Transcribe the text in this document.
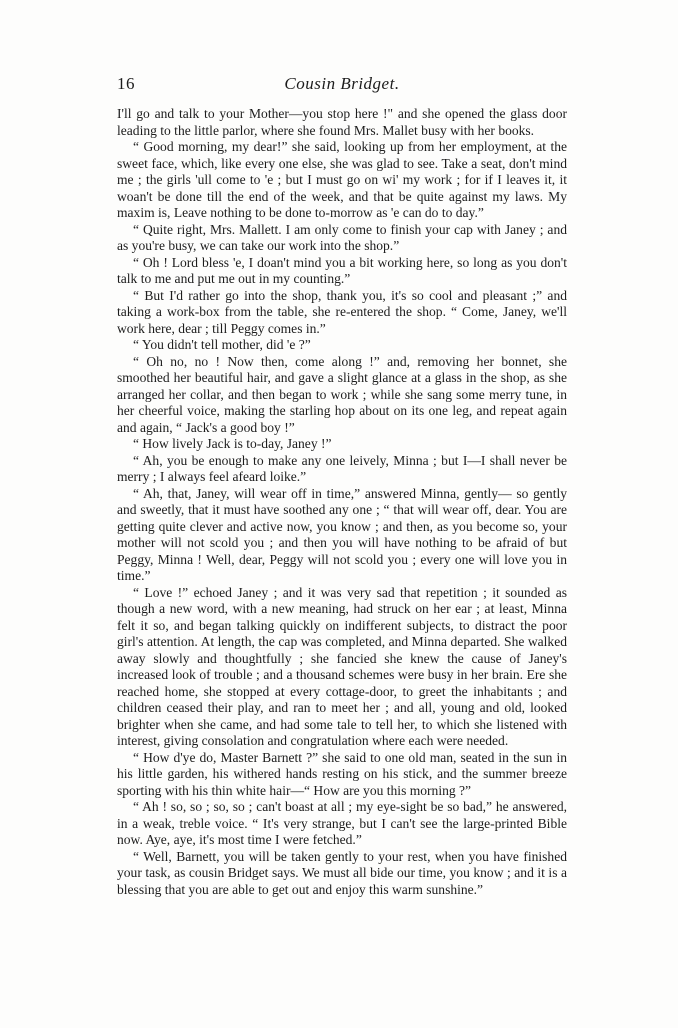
16	Cousin Bridget.

I'll go and talk to your Mother—you stop here !" and she opened the glass door leading to the little parlor, where she found Mrs. Mallet busy with her books.

“ Good morning, my dear!” she said, looking up from her employment, at the sweet face, which, like every one else, she was glad to see. Take a seat, don't mind me ; the girls 'ull come to 'e ; but I must go on wi' my work ; for if I leaves it, it woan't be done till the end of the week, and that be quite against my laws. My maxim is, Leave nothing to be done to-morrow as 'e can do to day.”

“ Quite right, Mrs. Mallett. I am only come to finish your cap with Janey ; and as you're busy, we can take our work into the shop.”

“ Oh ! Lord bless 'e, I doan't mind you a bit working here, so long as you don't talk to me and put me out in my counting.”

“ But I'd rather go into the shop, thank you, it's so cool and pleasant ;” and taking a work-box from the table, she re-entered the shop. “ Come, Janey, we'll work here, dear ; till Peggy comes in.”

“ You didn't tell mother, did 'e ?”

“ Oh no, no ! Now then, come along !” and, removing her bonnet, she smoothed her beautiful hair, and gave a slight glance at a glass in the shop, as she arranged her collar, and then began to work ; while she sang some merry tune, in her cheerful voice, making the starling hop about on its one leg, and repeat again and again, “ Jack's a good boy !”

“ How lively Jack is to-day, Janey !”

“ Ah, you be enough to make any one leively, Minna ; but I—I shall never be merry ; I always feel afeard loike.”

“ Ah, that, Janey, will wear off in time,” answered Minna, gently— so gently and sweetly, that it must have soothed any one ; “ that will wear off, dear. You are getting quite clever and active now, you know ; and then, as you become so, your mother will not scold you ; and then you will have nothing to be afraid of but Peggy, Minna ! Well, dear, Peggy will not scold you ; every one will love you in time.”

“ Love !” echoed Janey ; and it was very sad that repetition ; it sounded as though a new word, with a new meaning, had struck on her ear ; at least, Minna felt it so, and began talking quickly on indifferent subjects, to distract the poor girl's attention. At length, the cap was completed, and Minna departed. She walked away slowly and thoughtfully ; she fancied she knew the cause of Janey's increased look of trouble ; and a thousand schemes were busy in her brain. Ere she reached home, she stopped at every cottage-door, to greet the inhabitants ; and children ceased their play, and ran to meet her ; and all, young and old, looked brighter when she came, and had some tale to tell her, to which she listened with interest, giving consolation and congratulation where each were needed.

“ How d'ye do, Master Barnett ?” she said to one old man, seated in the sun in his little garden, his withered hands resting on his stick, and the summer breeze sporting with his thin white hair—“ How are you this morning ?”

“ Ah ! so, so ; so, so ; can't boast at all ; my eye-sight be so bad,” he answered, in a weak, treble voice. “ It's very strange, but I can't see the large-printed Bible now. Aye, aye, it's most time I were fetched.”

“ Well, Barnett, you will be taken gently to your rest, when you have finished your task, as cousin Bridget says. We must all bide our time, you know ; and it is a blessing that you are able to get out and enjoy this warm sunshine.”
